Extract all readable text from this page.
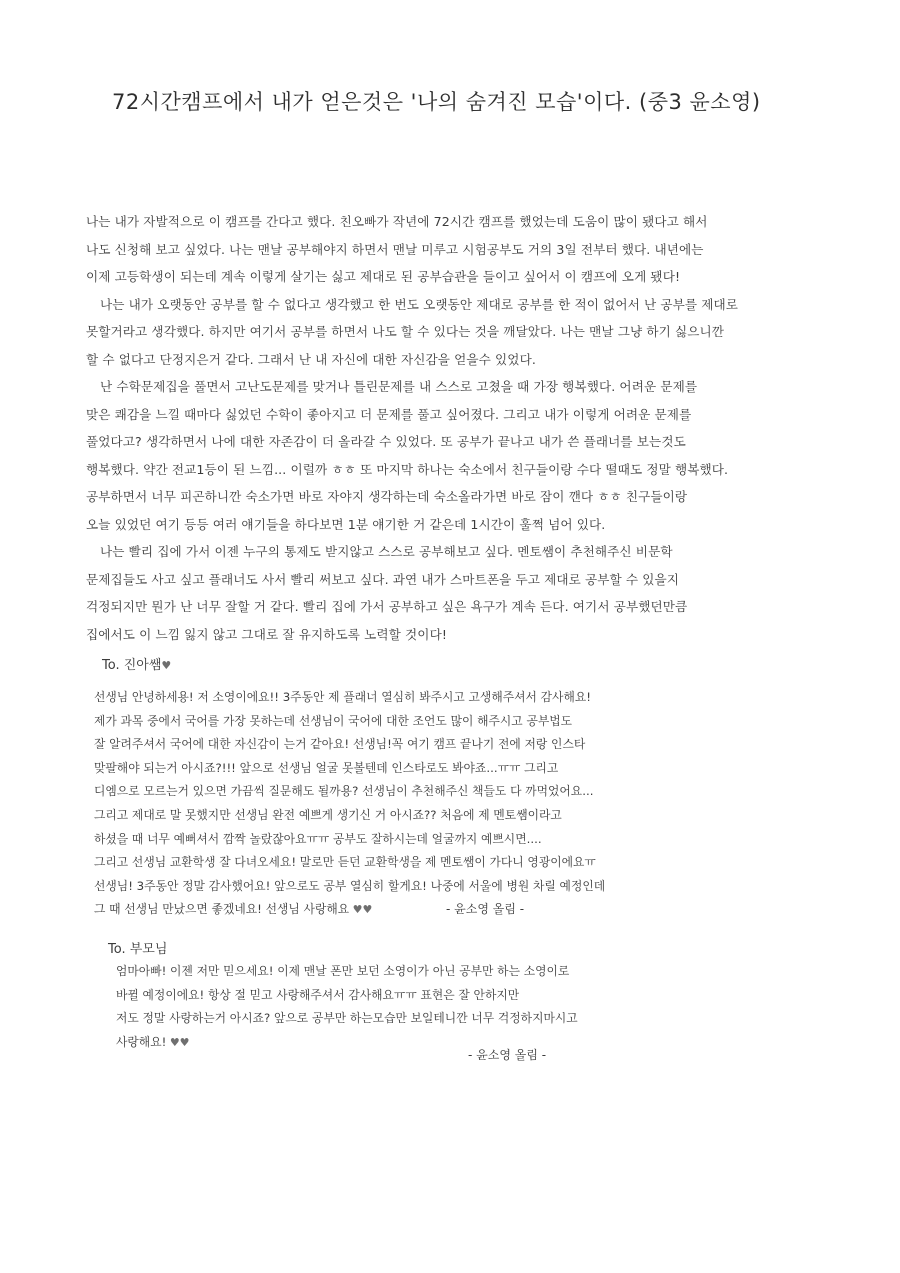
72시간캠프에서 내가 얻은것은 '나의 숨겨진 모습'이다. (중3 윤소영)
나는 내가 자발적으로 이 캠프를 간다고 했다. 친오빠가 작년에 72시간 캠프를 했었는데 도움이 많이 됐다고 해서
나도 신청해 보고 싶었다. 나는 맨날 공부해야지 하면서 맨날 미루고 시험공부도 거의 3일 전부터 했다. 내년에는
이제 고등학생이 되는데 계속 이렇게 살기는 싫고 제대로 된 공부습관을 들이고 싶어서 이 캠프에 오게 됐다!
나는 내가 오랫동안 공부를 할 수 없다고 생각했고 한 번도 오랫동안 제대로 공부를 한 적이 없어서 난 공부를 제대로
못할거라고 생각했다. 하지만 여기서 공부를 하면서 나도 할 수 있다는 것을 깨달았다. 나는 맨날 그냥 하기 싫으니깐
할 수 없다고 단정지은거 같다. 그래서 난 내 자신에 대한 자신감을 얻을수 있었다.
난 수학문제집을 풀면서 고난도문제를 맞거나 틀린문제를 내 스스로 고쳤을 때 가장 행복했다. 어려운 문제를
맞은 쾌감을 느낄 때마다 싫었던 수학이 좋아지고 더 문제를 풀고 싶어졌다. 그리고 내가 이렇게 어려운 문제를
풀었다고? 생각하면서 나에 대한 자존감이 더 올라갈 수 있었다. 또 공부가 끝나고 내가 쓴 플래너를 보는것도
행복했다. 약간 전교1등이 된 느낌... 이럴까 ㅎㅎ 또 마지막 하나는 숙소에서 친구들이랑 수다 떨때도 정말 행복했다.
공부하면서 너무 피곤하니깐 숙소가면 바로 자야지 생각하는데 숙소올라가면 바로 잠이 깬다 ㅎㅎ 친구들이랑
오늘 있었던 여기 등등 여러 얘기들을 하다보면 1분 얘기한 거 같은데 1시간이 훌쩍 넘어 있다.
나는 빨리 집에 가서 이젠 누구의 통제도 받지않고 스스로 공부해보고 싶다. 멘토쌤이 추천해주신 비문학
문제집들도 사고 싶고 플래너도 사서 빨리 써보고 싶다. 과연 내가 스마트폰을 두고 제대로 공부할 수 있을지
걱정되지만 뭔가 난 너무 잘할 거 같다. 빨리 집에 가서 공부하고 싶은 욕구가 계속 든다. 여기서 공부했던만큼
집에서도 이 느낌 잃지 않고 그대로 잘 유지하도록 노력할 것이다!
To. 진아쌤♥
선생님 안녕하세용! 저 소영이에요!! 3주동안 제 플래너 열심히 봐주시고 고생해주셔서 감사해요!
제가 과목 중에서 국어를 가장 못하는데 선생님이 국어에 대한 조언도 많이 해주시고 공부법도
잘 알려주셔서 국어에 대한 자신감이 는거 같아요! 선생님!꼭 여기 캠프 끝나기 전에 저랑 인스타
맞팔해야 되는거 아시죠?!!! 앞으로 선생님 얼굴 못볼텐데 인스타로도 봐야죠...ㅠㅠ 그리고
디엠으로 모르는거 있으면 가끔씩 질문해도 될까용? 선생님이 추천해주신 책들도 다 까먹었어요...
그리고 제대로 말 못했지만 선생님 완전 예쁘게 생기신 거 아시죠?? 처음에 제 멘토쌤이라고
하셨을 때 너무 예뻐셔서 깜짝 놀랐잖아요ㅠㅠ 공부도 잘하시는데 얼굴까지 예쁘시면....
그리고 선생님 교환학생 잘 다녀오세요! 말로만 듣던 교환학생을 제 멘토쌤이 가다니 영광이에요ㅠ
선생님! 3주동안 정말 감사했어요! 앞으로도 공부 열심히 할게요! 나중에 서울에 병원 차릴 예정인데
그 때 선생님 만났으면 좋겠네요! 선생님 사랑해요 ♥♥	- 윤소영 올림 -
To. 부모님
엄마아빠! 이젠 저만 믿으세요! 이제 맨날 폰만 보던 소영이가 아닌 공부만 하는 소영이로
바뀔 예정이에요! 항상 절 믿고 사랑해주셔서 감사해요ㅠㅠ 표현은 잘 안하지만
저도 정말 사랑하는거 아시죠? 앞으로 공부만 하는모습만 보일테니깐 너무 걱정하지마시고
사랑해요! ♥♥
- 윤소영 올림 -
